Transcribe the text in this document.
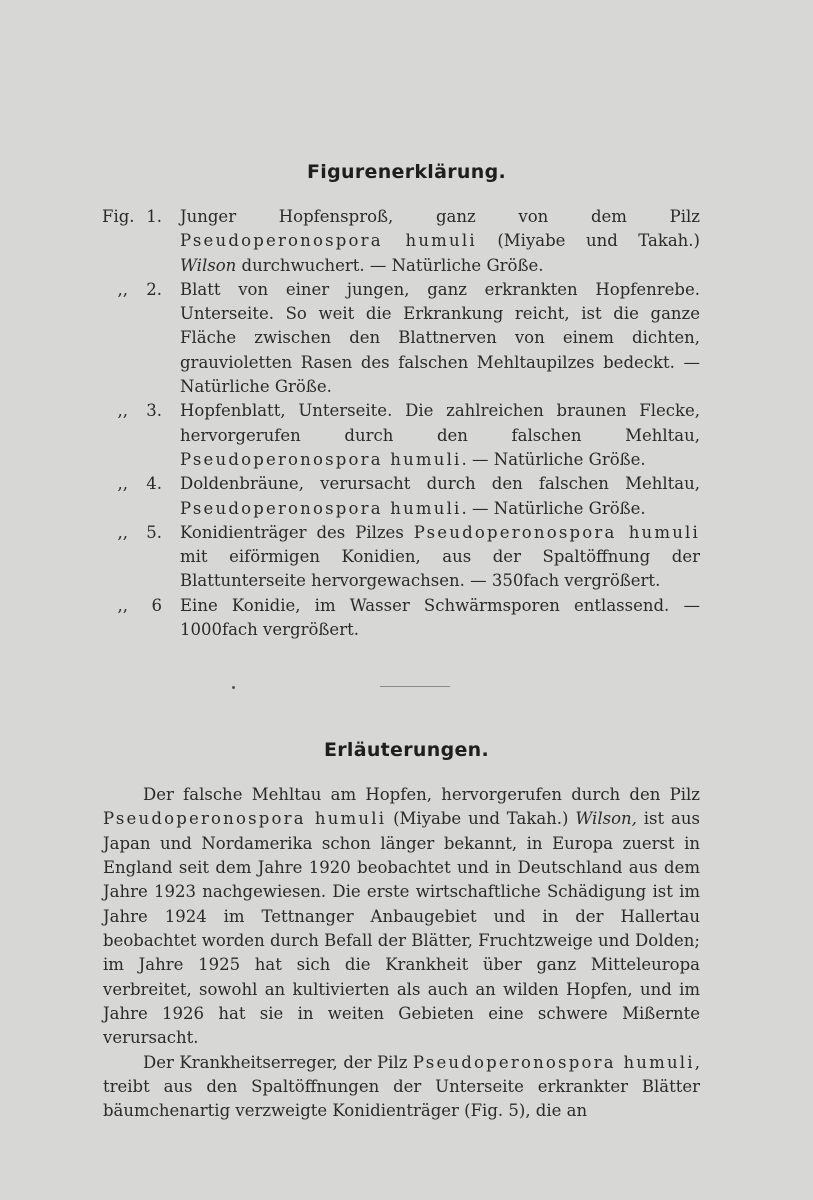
Figurenerklärung.

Fig. 1. Junger Hopfensproß, ganz von dem Pilz Pseudoperonospora humuli (Miyabe und Takah.) Wilson durchwuchert. — Natürliche Größe.

,,	2. Blatt von einer jungen, ganz erkrankten Hopfenrebe. Unterseite. So weit die Erkrankung reicht, ist die ganze Fläche zwischen den Blattnerven von einem dichten, grauvioletten Rasen des falschen Mehltaupilzes bedeckt. — Natürliche Größe.

,,	3. Hopfenblatt, Unterseite. Die zahlreichen braunen Flecke, hervorgerufen durch den falschen Mehltau, Pseudoperonospora humuli. — Natürliche Größe.

,,	4. Doldenbräune, verursacht durch den falschen Mehltau, Pseudoperonospora humuli. — Natürliche Größe.

,,	5. Konidienträger des Pilzes Pseudoperonospora humuli mit eiförmigen Konidien, aus der Spaltöffnung der Blattunterseite hervorgewachsen. — 350fach vergrößert.

,,	6 Eine Konidie, im Wasser Schwärmsporen entlassend. — 1000fach vergrößert.

Erläuterungen.

Der falsche Mehltau am Hopfen, hervorgerufen durch den Pilz Pseudoperonospora humuli (Miyabe und Takah.) Wilson, ist aus Japan und Nordamerika schon länger bekannt, in Europa zuerst in England seit dem Jahre 1920 beobachtet und in Deutschland aus dem Jahre 1923 nachgewiesen. Die erste wirtschaftliche Schädigung ist im Jahre 1924 im Tettnanger Anbaugebiet und in der Hallertau beobachtet worden durch Befall der Blätter, Fruchtzweige und Dolden; im Jahre 1925 hat sich die Krankheit über ganz Mitteleuropa verbreitet, sowohl an kultivierten als auch an wilden Hopfen, und im Jahre 1926 hat sie in weiten Gebieten eine schwere Mißernte verursacht.

Der Krankheitserreger, der Pilz Pseudoperonospora humuli, treibt aus den Spaltöffnungen der Unterseite erkrankter Blätter bäumchenartig verzweigte Konidienträger (Fig. 5), die an
